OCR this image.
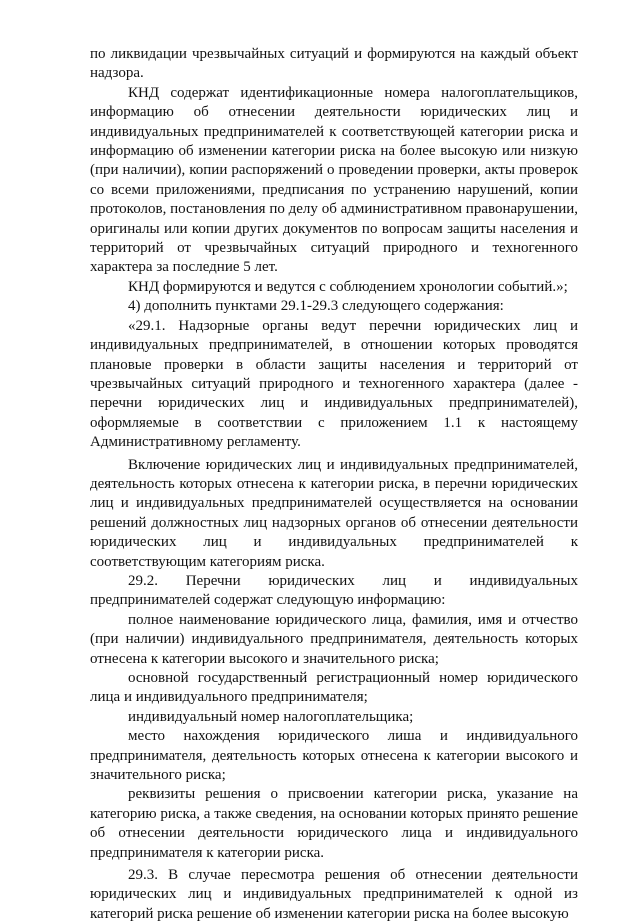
по ликвидации чрезвычайных ситуаций и формируются на каждый объект надзора.

КНД содержат идентификационные номера налогоплательщиков, информацию об отнесении деятельности юридических лиц и индивидуальных предпринимателей к соответствующей категории риска и информацию об изменении категории риска на более высокую или низкую (при наличии), копии распоряжений о проведении проверки, акты проверок со всеми приложениями, предписания по устранению нарушений, копии протоколов, постановления по делу об административном правонарушении, оригиналы или копии других документов по вопросам защиты населения и территорий от чрезвычайных ситуаций природного и техногенного характера за последние 5 лет.

КНД формируются и ведутся с соблюдением хронологии событий.»;

4) дополнить пунктами 29.1-29.3 следующего содержания:

«29.1. Надзорные органы ведут перечни юридических лиц и индивидуальных предпринимателей, в отношении которых проводятся плановые проверки в области защиты населения и территорий от чрезвычайных ситуаций природного и техногенного характера (далее - перечни юридических лиц и индивидуальных предпринимателей), оформляемые в соответствии с приложением 1.1 к настоящему Административному регламенту.

Включение юридических лиц и индивидуальных предпринимателей, деятельность которых отнесена к категории риска, в перечни юридических лиц и индивидуальных предпринимателей осуществляется на основании решений должностных лиц надзорных органов об отнесении деятельности юридических лиц и индивидуальных предпринимателей к соответствующим категориям риска.

29.2. Перечни юридических лиц и индивидуальных предпринимателей содержат следующую информацию:

полное наименование юридического лица, фамилия, имя и отчество (при наличии) индивидуального предпринимателя, деятельность которых отнесена к категории высокого и значительного риска;

основной государственный регистрационный номер юридического лица и индивидуального предпринимателя;

индивидуальный номер налогоплательщика;

место нахождения юридического лиша и индивидуального предпринимателя, деятельность которых отнесена к категории высокого и значительного риска;

реквизиты решения о присвоении категории риска, указание на категорию риска, а также сведения, на основании которых принято решение об отнесении деятельности юридического лица и индивидуального предпринимателя к категории риска.

29.3. В случае пересмотра решения об отнесении деятельности юридических лиц и индивидуальных предпринимателей к одной из категорий риска решение об изменении категории риска на более высокую
